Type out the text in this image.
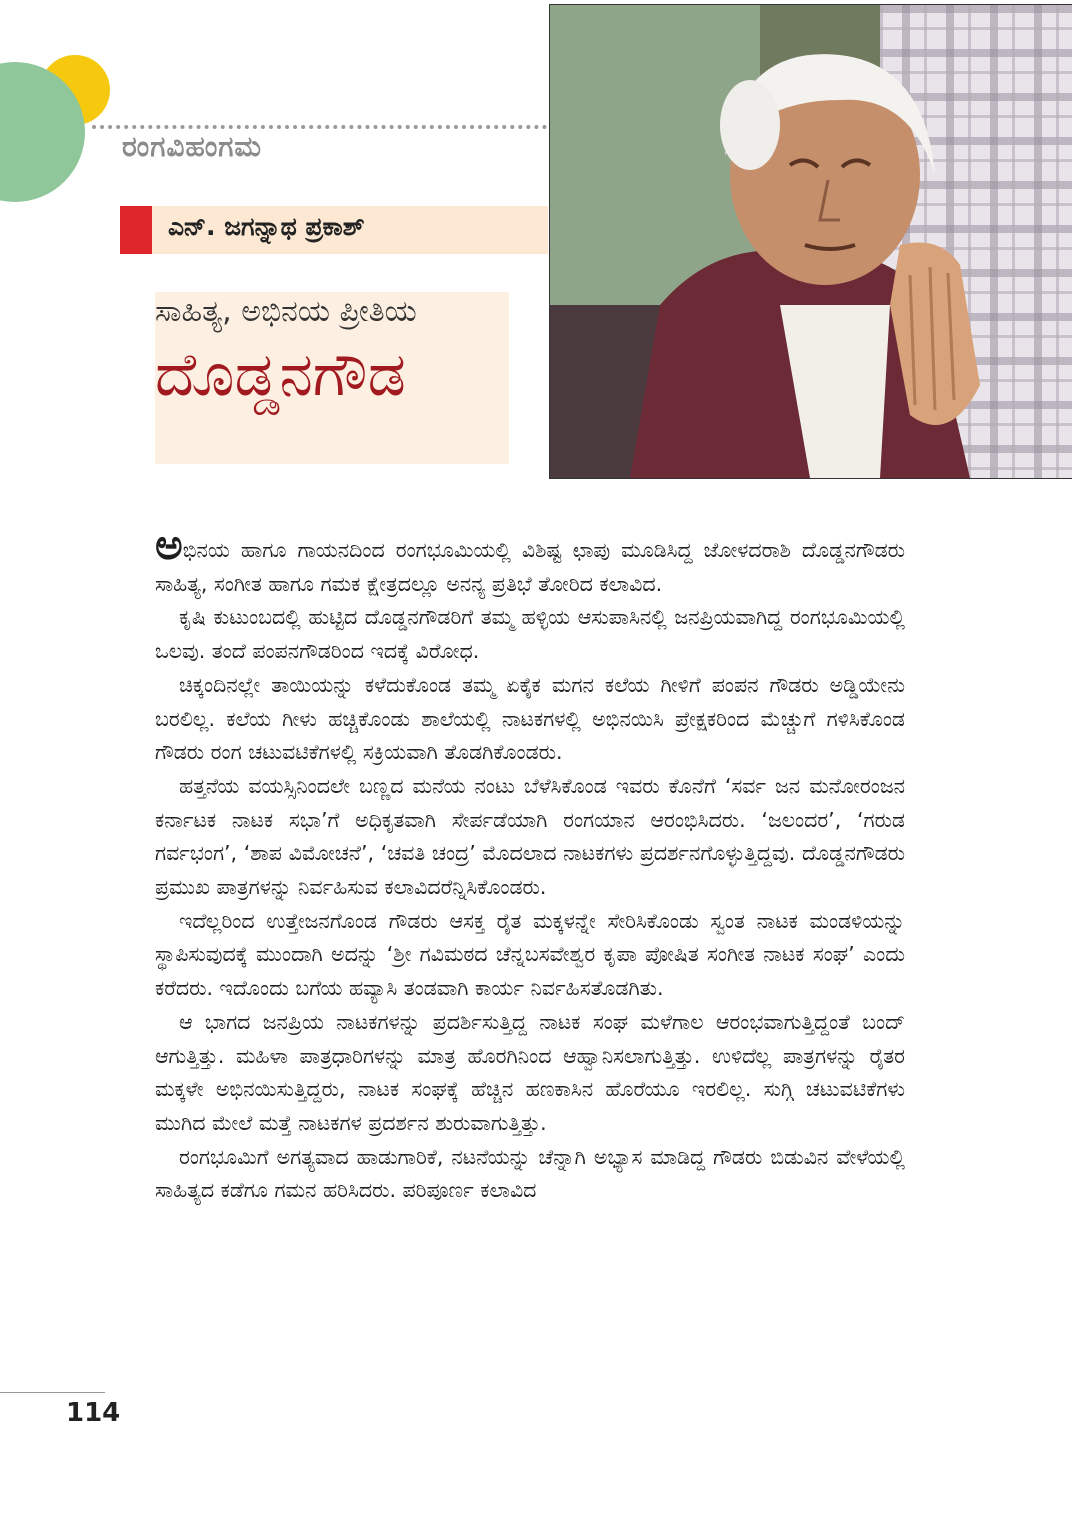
ರಂಗವಿಹಂಗಮ
ಎನ್. ಜಗನ್ನಾಥ ಪ್ರಕಾಶ್
ಸಾಹಿತ್ಯ, ಅಭಿನಯ ಪ್ರೀತಿಯ
ದೊಡ್ಡನಗೌಡ

ಅಭಿನಯ ಹಾಗೂ ಗಾಯನದಿಂದ ರಂಗಭೂಮಿಯಲ್ಲಿ ವಿಶಿಷ್ಟ ಛಾಪು ಮೂಡಿಸಿದ್ದ ಜೋಳದರಾಶಿ ದೊಡ್ಡನಗೌಡರು ಸಾಹಿತ್ಯ, ಸಂಗೀತ ಹಾಗೂ ಗಮಕ ಕ್ಷೇತ್ರದಲ್ಲೂ ಅನನ್ಯ ಪ್ರತಿಭೆ ತೋರಿದ ಕಲಾವಿದ.

ಕೃಷಿ ಕುಟುಂಬದಲ್ಲಿ ಹುಟ್ಟಿದ ದೊಡ್ಡನಗೌಡರಿಗೆ ತಮ್ಮ ಹಳ್ಳಿಯ ಆಸುಪಾಸಿನಲ್ಲಿ ಜನಪ್ರಿಯವಾಗಿದ್ದ ರಂಗಭೂಮಿಯಲ್ಲಿ ಒಲವು. ತಂದೆ ಪಂಪನಗೌಡರಿಂದ ಇದಕ್ಕೆ ವಿರೋಧ.

ಚಿಕ್ಕಂದಿನಲ್ಲೇ ತಾಯಿಯನ್ನು ಕಳೆದುಕೊಂಡ ತಮ್ಮ ಏಕೈಕ ಮಗನ ಕಲೆಯ ಗೀಳಿಗೆ ಪಂಪನ ಗೌಡರು ಅಡ್ಡಿಯೇನು ಬರಲಿಲ್ಲ. ಕಲೆಯ ಗೀಳು ಹಚ್ಚಿಕೊಂಡು ಶಾಲೆಯಲ್ಲಿ ನಾಟಕಗಳಲ್ಲಿ ಅಭಿನಯಿಸಿ ಪ್ರೇಕ್ಷಕರಿಂದ ಮೆಚ್ಚುಗೆ ಗಳಿಸಿಕೊಂಡ ಗೌಡರು ರಂಗ ಚಟುವಟಿಕೆಗಳಲ್ಲಿ ಸಕ್ರಿಯವಾಗಿ ತೊಡಗಿಕೊಂಡರು.

ಹತ್ತನೆಯ ವಯಸ್ಸಿನಿಂದಲೇ ಬಣ್ಣದ ಮನೆಯ ನಂಟು ಬೆಳೆಸಿಕೊಂಡ ಇವರು ಕೊನೆಗೆ ‘ಸರ್ವ ಜನ ಮನೋರಂಜನ ಕರ್ನಾಟಕ ನಾಟಕ ಸಭಾ’ಗೆ ಅಧಿಕೃತವಾಗಿ ಸೇರ್ಪಡೆಯಾಗಿ ರಂಗಯಾನ ಆರಂಭಿಸಿದರು. ‘ಜಲಂದರ’, ‘ಗರುಡ ಗರ್ವಭಂಗ’, ‘ಶಾಪ ವಿಮೋಚನೆ’, ‘ಚವತಿ ಚಂದ್ರ’ ಮೊದಲಾದ ನಾಟಕಗಳು ಪ್ರದರ್ಶನಗೊಳ್ಳುತ್ತಿದ್ದವು. ದೊಡ್ಡನಗೌಡರು ಪ್ರಮುಖ ಪಾತ್ರಗಳನ್ನು ನಿರ್ವಹಿಸುವ ಕಲಾವಿದರೆನ್ನಿಸಿಕೊಂಡರು.

ಇದೆಲ್ಲರಿಂದ ಉತ್ತೇಜನಗೊಂಡ ಗೌಡರು ಆಸಕ್ತ ರೈತ ಮಕ್ಕಳನ್ನೇ ಸೇರಿಸಿಕೊಂಡು ಸ್ವಂತ ನಾಟಕ ಮಂಡಳಿಯನ್ನು ಸ್ಥಾಪಿಸುವುದಕ್ಕೆ ಮುಂದಾಗಿ ಅದನ್ನು ‘ಶ್ರೀ ಗವಿಮಠದ ಚೆನ್ನಬಸವೇಶ್ವರ ಕೃಪಾ ಪೋಷಿತ ಸಂಗೀತ ನಾಟಕ ಸಂಘ’ ಎಂದು ಕರೆದರು. ಇದೊಂದು ಬಗೆಯ ಹವ್ಯಾಸಿ ತಂಡವಾಗಿ ಕಾರ್ಯ ನಿರ್ವಹಿಸತೊಡಗಿತು.

ಆ ಭಾಗದ ಜನಪ್ರಿಯ ನಾಟಕಗಳನ್ನು ಪ್ರದರ್ಶಿಸುತ್ತಿದ್ದ ನಾಟಕ ಸಂಘ ಮಳೆಗಾಲ ಆರಂಭವಾಗುತ್ತಿದ್ದಂತೆ ಬಂದ್ ಆಗುತ್ತಿತ್ತು. ಮಹಿಳಾ ಪಾತ್ರಧಾರಿಗಳನ್ನು ಮಾತ್ರ ಹೊರಗಿನಿಂದ ಆಹ್ವಾನಿಸಲಾಗುತ್ತಿತ್ತು. ಉಳಿದೆಲ್ಲ ಪಾತ್ರಗಳನ್ನು ರೈತರ ಮಕ್ಕಳೇ ಅಭಿನಯಿಸುತ್ತಿದ್ದರು, ನಾಟಕ ಸಂಘಕ್ಕೆ ಹೆಚ್ಚಿನ ಹಣಕಾಸಿನ ಹೊರೆಯೂ ಇರಲಿಲ್ಲ. ಸುಗ್ಗಿ ಚಟುವಟಿಕೆಗಳು ಮುಗಿದ ಮೇಲೆ ಮತ್ತೆ ನಾಟಕಗಳ ಪ್ರದರ್ಶನ ಶುರುವಾಗುತ್ತಿತ್ತು.

ರಂಗಭೂಮಿಗೆ ಅಗತ್ಯವಾದ ಹಾಡುಗಾರಿಕೆ, ನಟನೆಯನ್ನು ಚೆನ್ನಾಗಿ ಅಭ್ಯಾಸ ಮಾಡಿದ್ದ ಗೌಡರು ಬಿಡುವಿನ ವೇಳೆಯಲ್ಲಿ ಸಾಹಿತ್ಯದ ಕಡೆಗೂ ಗಮನ ಹರಿಸಿದರು. ಪರಿಪೂರ್ಣ ಕಲಾವಿದ

114
